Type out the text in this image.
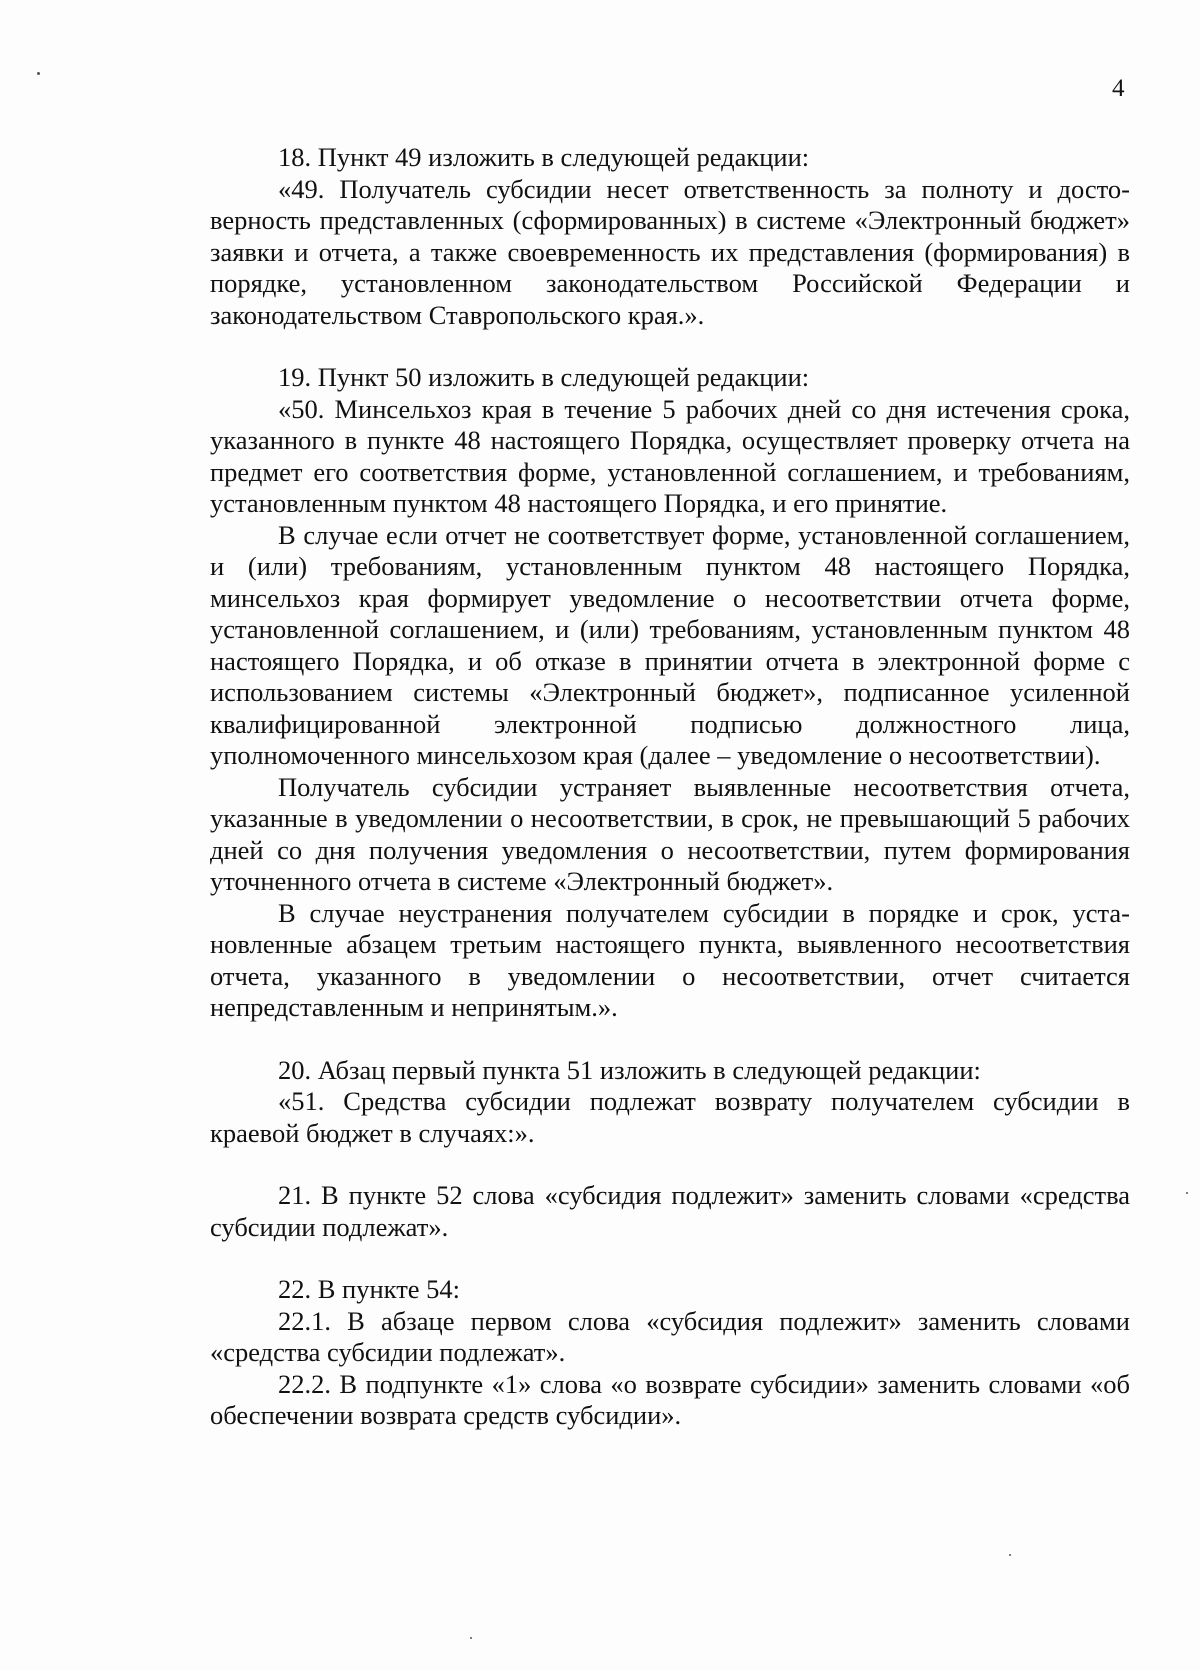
4

18. Пункт 49 изложить в следующей редакции:

«49. Получатель субсидии несет ответственность за полноту и достоверность представленных (сформированных) в системе «Электронный бюджет» заявки и отчета, а также своевременность их представления (формирования) в порядке, установленном законодательством Российской Федерации и законодательством Ставропольского края.».

19. Пункт 50 изложить в следующей редакции:

«50. Минсельхоз края в течение 5 рабочих дней со дня истечения срока, указанного в пункте 48 настоящего Порядка, осуществляет проверку отчета на предмет его соответствия форме, установленной соглашением, и требованиям, установленным пунктом 48 настоящего Порядка, и его принятие.

В случае если отчет не соответствует форме, установленной соглашением, и (или) требованиям, установленным пунктом 48 настоящего Порядка, минсельхоз края формирует уведомление о несоответствии отчета форме, установленной соглашением, и (или) требованиям, установленным пунктом 48 настоящего Порядка, и об отказе в принятии отчета в электронной форме с использованием системы «Электронный бюджет», подписанное усиленной квалифицированной электронной подписью должностного лица, уполномоченного минсельхозом края (далее – уведомление о несоответствии).

Получатель субсидии устраняет выявленные несоответствия отчета, указанные в уведомлении о несоответствии, в срок, не превышающий 5 рабочих дней со дня получения уведомления о несоответствии, путем формирования уточненного отчета в системе «Электронный бюджет».

В случае неустранения получателем субсидии в порядке и срок, установленные абзацем третьим настоящего пункта, выявленного несоответствия отчета, указанного в уведомлении о несоответствии, отчет считается непредставленным и непринятым.».

20. Абзац первый пункта 51 изложить в следующей редакции:

«51. Средства субсидии подлежат возврату получателем субсидии в краевой бюджет в случаях:».

21. В пункте 52 слова «субсидия подлежит» заменить словами «средства субсидии подлежат».

22. В пункте 54:

22.1. В абзаце первом слова «субсидия подлежит» заменить словами «средства субсидии подлежат».

22.2. В подпункте «1» слова «о возврате субсидии» заменить словами «об обеспечении возврата средств субсидии».
